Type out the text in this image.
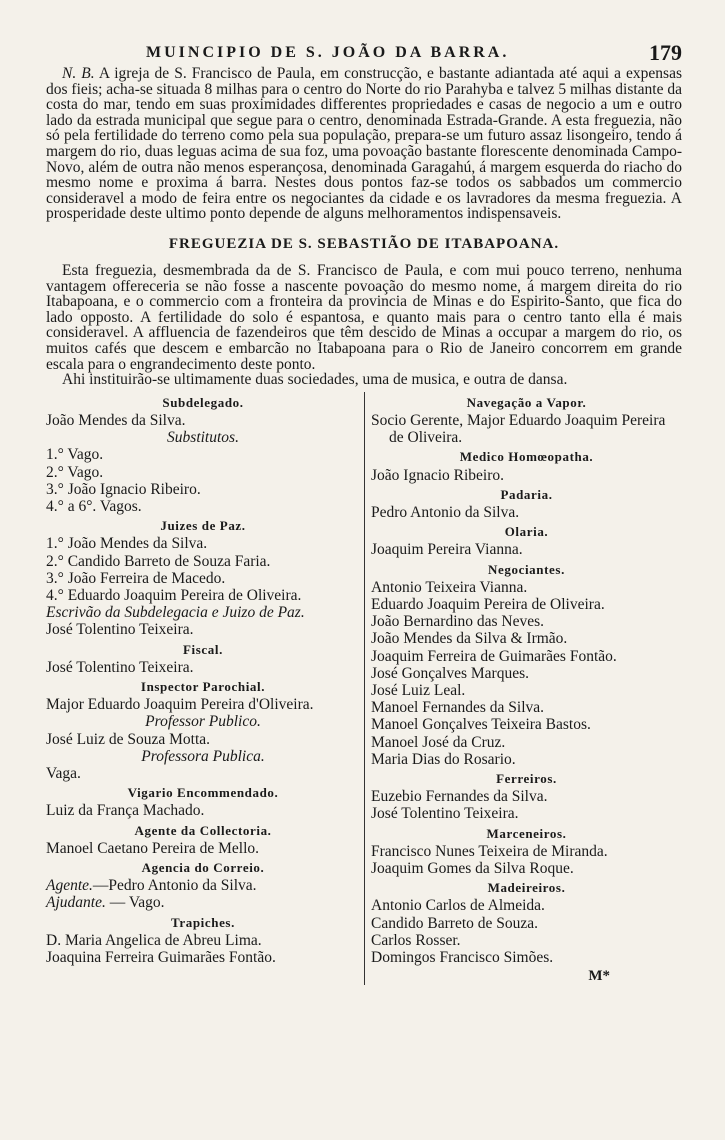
MUINCIPIO DE S. JOÃO DA BARRA.	179

N. B. A igreja de S. Francisco de Paula, em construcção, e bastante adiantada até aqui a expensas dos fieis; acha-se situada 8 milhas para o centro do Norte do rio Parahyba e talvez 5 milhas distante da costa do mar, tendo em suas proximidades differentes propriedades e casas de negocio a um e outro lado da estrada municipal que segue para o centro, denominada Estrada-Grande. A esta freguezia, não só pela fertilidade do terreno como pela sua população, prepara-se um futuro assaz lisongeiro, tendo á margem do rio, duas leguas acima de sua foz, uma povoação bastante florescente denominada Campo-Novo, além de outra não menos esperançosa, denominada Garagahú, á margem esquerda do riacho do mesmo nome e proxima á barra. Nestes dous pontos faz-se todos os sabbados um commercio consideravel a modo de feira entre os negociantes da cidade e os lavradores da mesma freguezia. A prosperidade deste ultimo ponto depende de alguns melhoramentos indispensaveis.

FREGUEZIA DE S. SEBASTIÃO DE ITABAPOANA.

Esta freguezia, desmembrada da de S. Francisco de Paula, e com mui pouco terreno, nenhuma vantagem offereceria se não fosse a nascente povoação do mesmo nome, á margem direita do rio Itabapoana, e o commercio com a fronteira da provincia de Minas e do Espirito-Santo, que fica do lado opposto. A fertilidade do solo é espantosa, e quanto mais para o centro tanto ella é mais consideravel. A affluencia de fazendeiros que têm descido de Minas a occupar a margem do rio, os muitos cafés que descem e embarcão no Itabapoana para o Rio de Janeiro concorrem em grande escala para o engrandecimento deste ponto.

Ahi instituirão-se ultimamente duas sociedades, uma de musica, e outra de dansa.

Subdelegado.
João Mendes da Silva.
Substitutos.
1.° Vago.
2.° Vago.
3.° João Ignacio Ribeiro.
4.° a 6°. Vagos.
Juizes de Paz.
1.° João Mendes da Silva.
2.° Candido Barreto de Souza Faria.
3.° João Ferreira de Macedo.
4.° Eduardo Joaquim Pereira de Oliveira.
Escrivão da Subdelegacia e Juizo de Paz.
José Tolentino Teixeira.
Fiscal.
José Tolentino Teixeira.
Inspector Parochial.
Major Eduardo Joaquim Pereira d'Oliveira.
Professor Publico.
José Luiz de Souza Motta.
Professora Publica.
Vaga.
Vigario Encommendado.
Luiz da França Machado.
Agente da Collectoria.
Manoel Caetano Pereira de Mello.
Agencia do Correio.
Agente.—Pedro Antonio da Silva.
Ajudante. — Vago.
Trapiches.
D. Maria Angelica de Abreu Lima.
Joaquina Ferreira Guimarães Fontão.
Navegação a Vapor.
Socio Gerente, Major Eduardo Joaquim Pereira de Oliveira.
Medico Homœopatha.
João Ignacio Ribeiro.
Padaria.
Pedro Antonio da Silva.
Olaria.
Joaquim Pereira Vianna.
Negociantes.
Antonio Teixeira Vianna.
Eduardo Joaquim Pereira de Oliveira.
João Bernardino das Neves.
João Mendes da Silva & Irmão.
Joaquim Ferreira de Guimarães Fontão.
José Gonçalves Marques.
José Luiz Leal.
Manoel Fernandes da Silva.
Manoel Gonçalves Teixeira Bastos.
Manoel José da Cruz.
Maria Dias do Rosario.
Ferreiros.
Euzebio Fernandes da Silva.
José Tolentino Teixeira.
Marceneiros.
Francisco Nunes Teixeira de Miranda.
Joaquim Gomes da Silva Roque.
Madeireiros.
Antonio Carlos de Almeida.
Candido Barreto de Souza.
Carlos Rosser.
Domingos Francisco Simões.
M*
